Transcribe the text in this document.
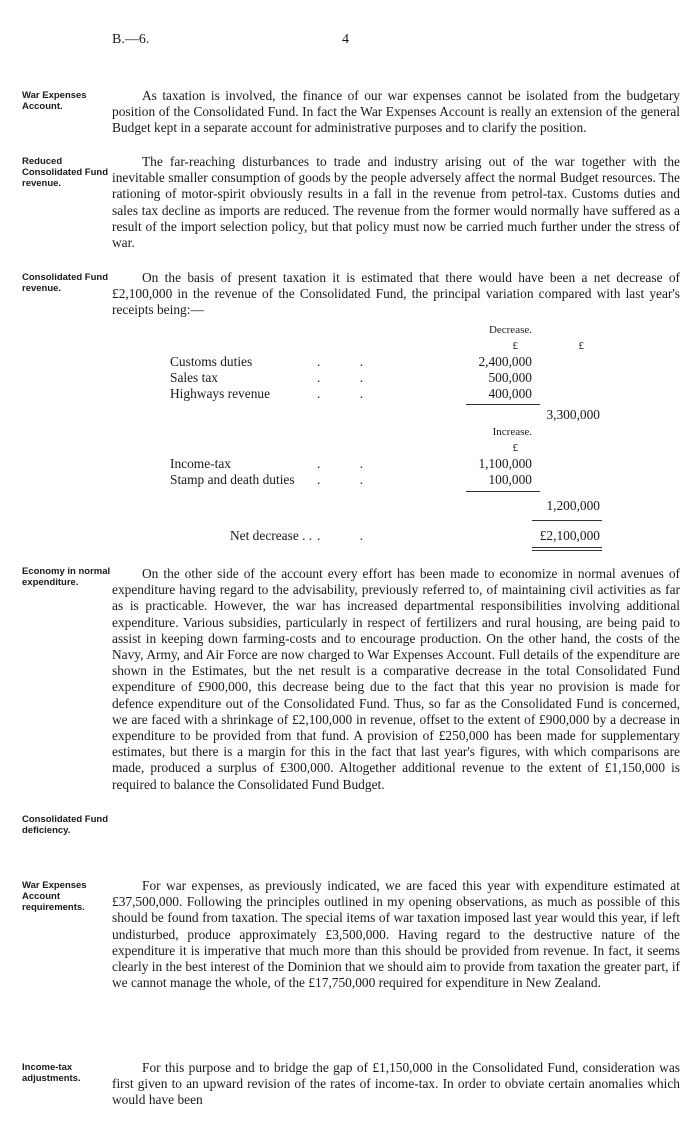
B.—6.	4
War Expenses Account.
Reduced Consolidated Fund revenue.
Consolidated Fund revenue.
Economy in normal expenditure.
Consolidated Fund deficiency.
War Expenses Account requirements.
Income-tax adjustments.

As taxation is involved, the finance of our war expenses cannot be isolated from the budgetary position of the Consolidated Fund. In fact the War Expenses Account is really an extension of the general Budget kept in a separate account for administrative purposes and to clarify the position.

The far-reaching disturbances to trade and industry arising out of the war together with the inevitable smaller consumption of goods by the people adversely affect the normal Budget resources. The rationing of motor-spirit obviously results in a fall in the revenue from petrol-tax. Customs duties and sales tax decline as imports are reduced. The revenue from the former would normally have suffered as a result of the import selection policy, but that policy must now be carried much further under the stress of war.

On the basis of present taxation it is estimated that there would have been a net decrease of £2,100,000 in the revenue of the Consolidated Fund, the principal variation compared with last year's receipts being:—

Decrease.
£	£
Customs duties	. .	2,400,000
Sales tax	. .	500,000
Highways revenue	. .	400,000
3,300,000
Increase.
£
Income-tax	. .	1,100,000
Stamp and death duties . .	100,000
1,200,000
Net decrease . . . .	£2,100,000

On the other side of the account every effort has been made to economize in normal avenues of expenditure having regard to the advisability, previously referred to, of maintaining civil activities as far as is practicable. However, the war has increased departmental responsibilities involving additional expenditure. Various subsidies, particularly in respect of fertilizers and rural housing, are being paid to assist in keeping down farming-costs and to encourage production. On the other hand, the costs of the Navy, Army, and Air Force are now charged to War Expenses Account. Full details of the expenditure are shown in the Estimates, but the net result is a comparative decrease in the total Consolidated Fund expenditure of £900,000, this decrease being due to the fact that this year no provision is made for defence expenditure out of the Consolidated Fund. Thus, so far as the Consolidated Fund is concerned, we are faced with a shrinkage of £2,100,000 in revenue, offset to the extent of £900,000 by a decrease in expenditure to be provided from that fund. A provision of £250,000 has been made for supplementary estimates, but there is a margin for this in the fact that last year's figures, with which comparisons are made, produced a surplus of £300,000. Altogether additional revenue to the extent of £1,150,000 is required to balance the Consolidated Fund Budget.

For war expenses, as previously indicated, we are faced this year with expenditure estimated at £37,500,000. Following the principles outlined in my opening observations, as much as possible of this should be found from taxation. The special items of war taxation imposed last year would this year, if left undisturbed, produce approximately £3,500,000. Having regard to the destructive nature of the expenditure it is imperative that much more than this should be provided from revenue. In fact, it seems clearly in the best interest of the Dominion that we should aim to provide from taxation the greater part, if we cannot manage the whole, of the £17,750,000 required for expenditure in New Zealand.

For this purpose and to bridge the gap of £1,150,000 in the Consolidated Fund, consideration was first given to an upward revision of the rates of income-tax. In order to obviate certain anomalies which would have been
